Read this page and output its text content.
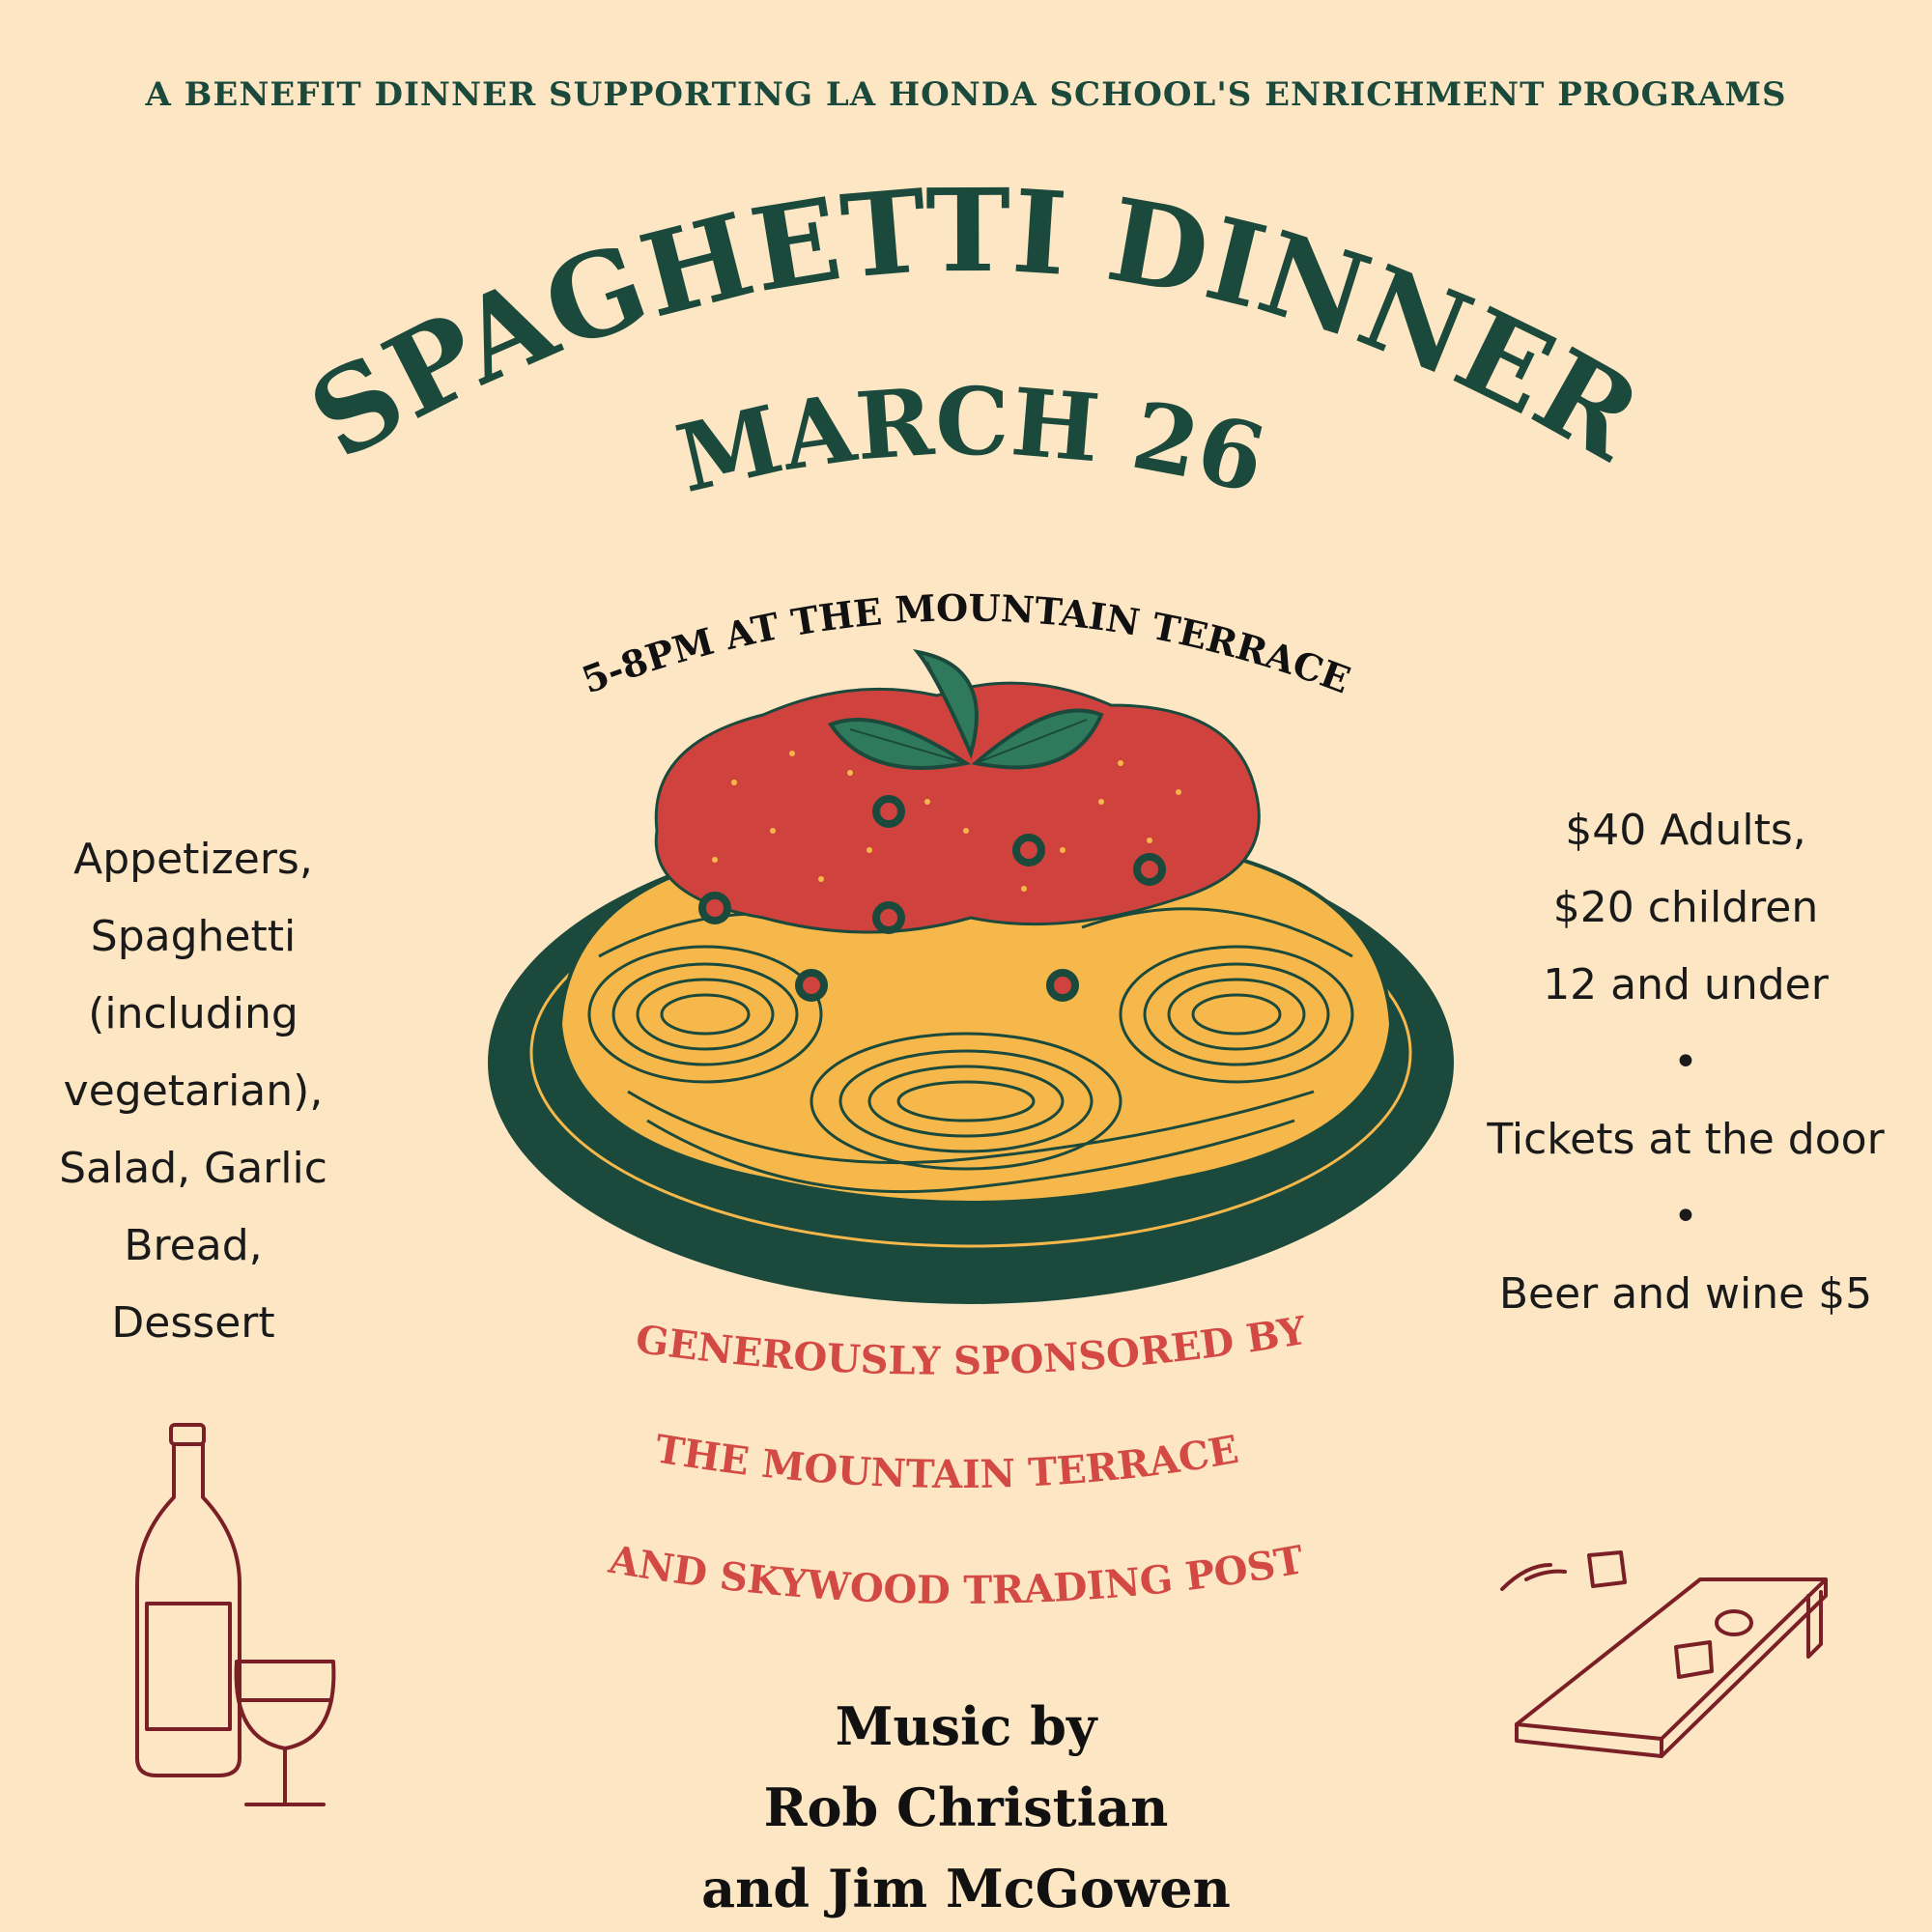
A BENEFIT DINNER SUPPORTING LA HONDA SCHOOL'S ENRICHMENT PROGRAMS
SPAGHETTI DINNER
MARCH 26
5-8PM AT THE MOUNTAIN TERRACE
GENEROUSLY SPONSORED BY
THE MOUNTAIN TERRACE
AND SKYWOOD TRADING POST
Appetizers,
Spaghetti
(including
vegetarian),
Salad, Garlic
Bread,
Dessert
$40 Adults,
$20 children
12 and under
•
Tickets at the door
•
Beer and wine $5
Music by
Rob Christian
and Jim McGowen
